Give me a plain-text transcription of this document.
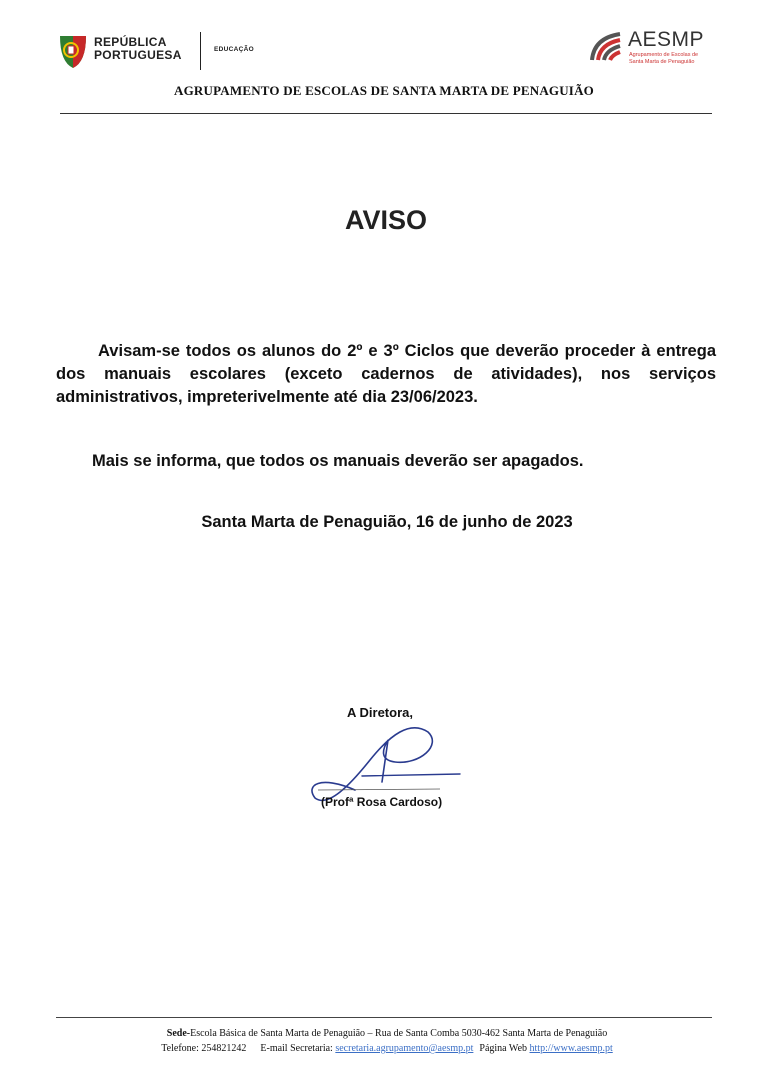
REPÚBLICA
PORTUGUESA	EDUCAÇÃO	AESMP
Agrupamento de Escolas de
Santa Marta de Penaguião
AGRUPAMENTO DE ESCOLAS DE SANTA MARTA DE PENAGUIÃO
AVISO
Avisam-se todos os alunos do 2º e 3º Ciclos que deverão proceder à entrega dos manuais escolares (exceto cadernos de atividades), nos serviços administrativos, impreterivelmente até dia 23/06/2023.
Mais se informa, que todos os manuais deverão ser apagados.
Santa Marta de Penaguião, 16 de junho de 2023
A Diretora,
(Profª Rosa Cardoso)
Sede-Escola Básica de Santa Marta de Penaguião – Rua de Santa Comba 5030-462 Santa Marta de Penaguião
Telefone: 254821242 E-mail Secretaria: secretaria.agrupamento@aesmp.pt Página Web http://www.aesmp.pt
